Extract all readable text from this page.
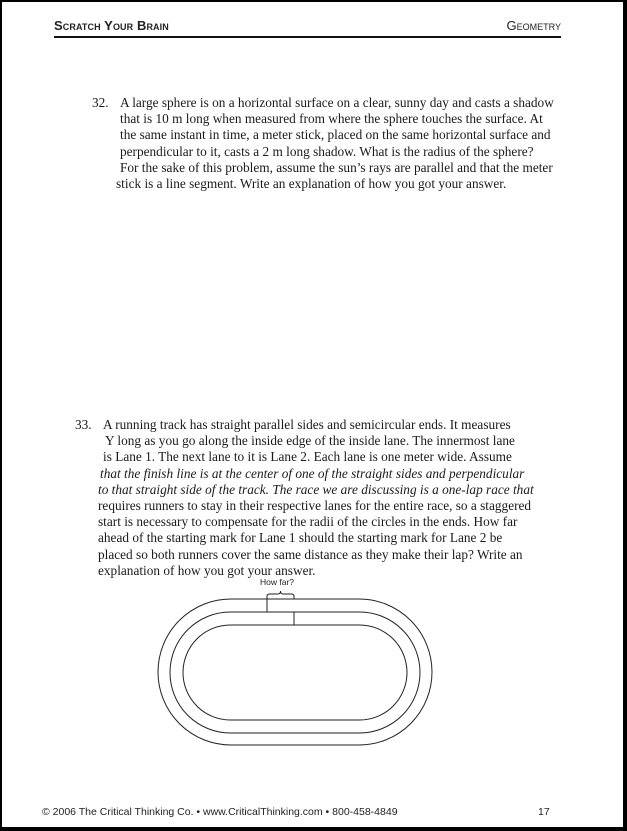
Scratch Your Brain	Geometry
32. A large sphere is on a horizontal surface on a clear, sunny day and casts a shadow
that is 10 m long when measured from where the sphere touches the surface. At
the same instant in time, a meter stick, placed on the same horizontal surface and
perpendicular to it, casts a 2 m long shadow. What is the radius of the sphere?
For the sake of this problem, assume the sun’s rays are parallel and that the meter
stick is a line segment. Write an explanation of how you got your answer.
33. A running track has straight parallel sides and semicircular ends. It measures
Y long as you go along the inside edge of the inside lane. The innermost lane
is Lane 1. The next lane to it is Lane 2. Each lane is one meter wide. Assume
that the finish line is at the center of one of the straight sides and perpendicular
to that straight side of the track. The race we are discussing is a one-lap race that
requires runners to stay in their respective lanes for the entire race, so a staggered
start is necessary to compensate for the radii of the circles in the ends. How far
ahead of the starting mark for Lane 1 should the starting mark for Lane 2 be
placed so both runners cover the same distance as they make their lap? Write an
explanation of how you got your answer.
How far?
© 2006 The Critical Thinking Co. • www.CriticalThinking.com • 800-458-4849	17
